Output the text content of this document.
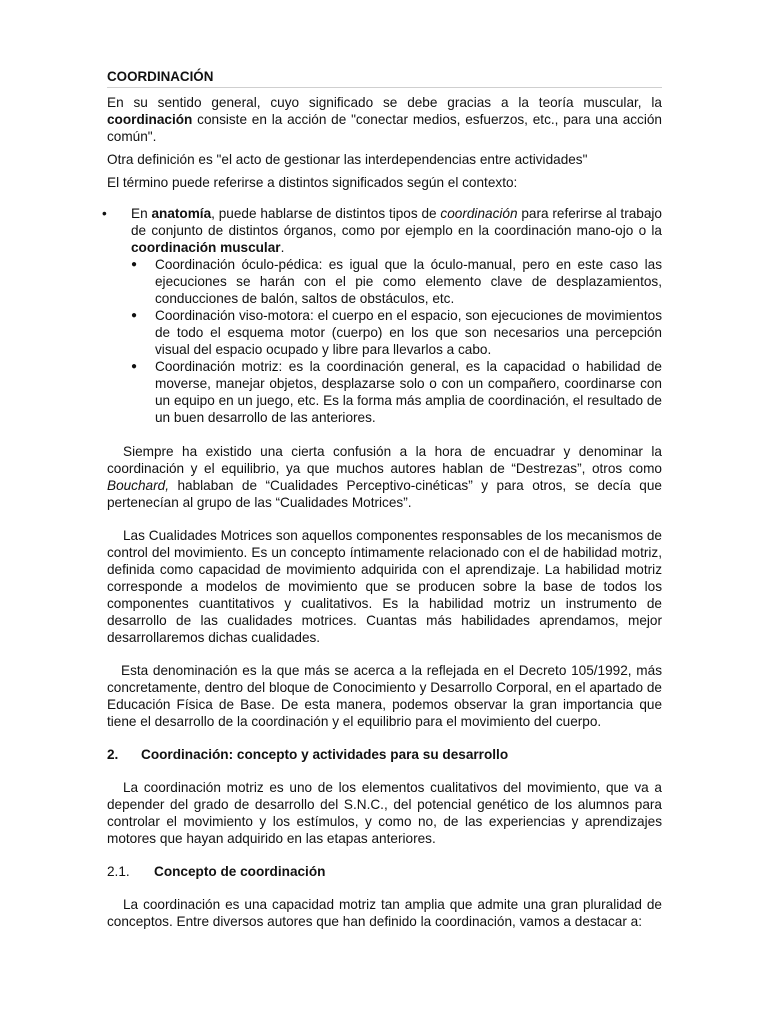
COORDINACIÓN

En su sentido general, cuyo significado se debe gracias a la teoría muscular, la coordinación consiste en la acción de "conectar medios, esfuerzos, etc., para una acción común".

Otra definición es "el acto de gestionar las interdependencias entre actividades"

El término puede referirse a distintos significados según el contexto:

• En anatomía, puede hablarse de distintos tipos de coordinación para referirse al trabajo de conjunto de distintos órganos, como por ejemplo en la coordinación mano-ojo o la coordinación muscular.

● Coordinación óculo-pédica: es igual que la óculo-manual, pero en este caso las ejecuciones se harán con el pie como elemento clave de desplazamientos, conducciones de balón, saltos de obstáculos, etc.

● Coordinación viso-motora: el cuerpo en el espacio, son ejecuciones de movimientos de todo el esquema motor (cuerpo) en los que son necesarios una percepción visual del espacio ocupado y libre para llevarlos a cabo.

● Coordinación motriz: es la coordinación general, es la capacidad o habilidad de moverse, manejar objetos, desplazarse solo o con un compañero, coordinarse con un equipo en un juego, etc. Es la forma más amplia de coordinación, el resultado de un buen desarrollo de las anteriores.

Siempre ha existido una cierta confusión a la hora de encuadrar y denominar la coordinación y el equilibrio, ya que muchos autores hablan de “Destrezas”, otros como Bouchard, hablaban de “Cualidades Perceptivo-cinéticas” y para otros, se decía que pertenecían al grupo de las “Cualidades Motrices”.

Las Cualidades Motrices son aquellos componentes responsables de los mecanismos de control del movimiento. Es un concepto íntimamente relacionado con el de habilidad motriz, definida como capacidad de movimiento adquirida con el aprendizaje. La habilidad motriz corresponde a modelos de movimiento que se producen sobre la base de todos los componentes cuantitativos y cualitativos. Es la habilidad motriz un instrumento de desarrollo de las cualidades motrices. Cuantas más habilidades aprendamos, mejor desarrollaremos dichas cualidades.

Esta denominación es la que más se acerca a la reflejada en el Decreto 105/1992, más concretamente, dentro del bloque de Conocimiento y Desarrollo Corporal, en el apartado de Educación Física de Base. De esta manera, podemos observar la gran importancia que tiene el desarrollo de la coordinación y el equilibrio para el movimiento del cuerpo.

2. Coordinación: concepto y actividades para su desarrollo

La coordinación motriz es uno de los elementos cualitativos del movimiento, que va a depender del grado de desarrollo del S.N.C., del potencial genético de los alumnos para controlar el movimiento y los estímulos, y como no, de las experiencias y aprendizajes motores que hayan adquirido en las etapas anteriores.

2.1. Concepto de coordinación

La coordinación es una capacidad motriz tan amplia que admite una gran pluralidad de conceptos. Entre diversos autores que han definido la coordinación, vamos a destacar a:
